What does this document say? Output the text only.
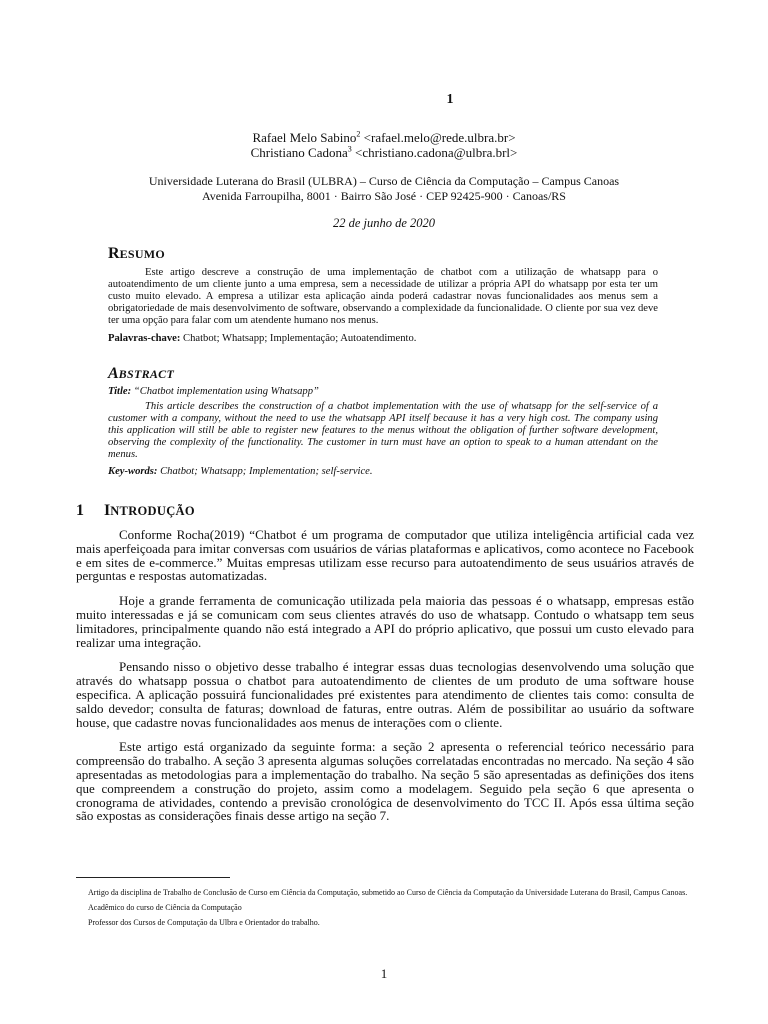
1
Rafael Melo Sabino$^2$ <rafael.melo@rede.ulbra.br>
Christiano Cadona$^3$ <christiano.cadona@ulbra.brl>
Universidade Luterana do Brasil (ULBRA) – Curso de Ciência da Computação – Campus Canoas
Avenida Farroupilha, 8001 · Bairro São José · CEP 92425-900 · Canoas/RS
22 de junho de 2020

RESUMO

Este artigo descreve a construção de uma implementação de chatbot com a utilização de whatsapp para o autoatendimento de um cliente junto a uma empresa, sem a necessidade de utilizar a própria API do whatsapp por esta ter um custo muito elevado. A empresa a utilizar esta aplicação ainda poderá cadastrar novas funcionalidades aos menus sem a obrigatoriedade de mais desenvolvimento de software, observando a complexidade da funcionalidade. O cliente por sua vez deve ter uma opção para falar com um atendente humano nos menus.

Palavras-chave: Chatbot; Whatsapp; Implementação; Autoatendimento.

ABSTRACT

Title: “Chatbot implementation using Whatsapp”

This article describes the construction of a chatbot implementation with the use of whatsapp for the self-service of a customer with a company, without the need to use the whatsapp API itself because it has a very high cost. The company using this application will still be able to register new features to the menus without the obligation of further software development, observing the complexity of the functionality. The customer in turn must have an option to speak to a human attendant on the menus.

Key-words: Chatbot; Whatsapp; Implementation; self-service.

1 INTRODUÇÃO

Conforme Rocha(2019) “Chatbot é um programa de computador que utiliza inteligência artificial cada vez mais aperfeiçoada para imitar conversas com usuários de várias plataformas e aplicativos, como acontece no Facebook e em sites de e-commerce.” Muitas empresas utilizam esse recurso para autoatendimento de seus usuários através de perguntas e respostas automatizadas.

Hoje a grande ferramenta de comunicação utilizada pela maioria das pessoas é o whatsapp, empresas estão muito interessadas e já se comunicam com seus clientes através do uso de whatsapp. Contudo o whatsapp tem seus limitadores, principalmente quando não está integrado a API do próprio aplicativo, que possui um custo elevado para realizar uma integração.

Pensando nisso o objetivo desse trabalho é integrar essas duas tecnologias desenvolvendo uma solução que através do whatsapp possua o chatbot para autoatendimento de clientes de um produto de uma software house especifica. A aplicação possuirá funcionalidades pré existentes para atendimento de clientes tais como: consulta de saldo devedor; consulta de faturas; download de faturas, entre outras. Além de possibilitar ao usuário da software house, que cadastre novas funcionalidades aos menus de interações com o cliente.

Este artigo está organizado da seguinte forma: a seção 2 apresenta o referencial teórico necessário para compreensão do trabalho. A seção 3 apresenta algumas soluções correlatadas encontradas no mercado. Na seção 4 são apresentadas as metodologias para a implementação do trabalho. Na seção 5 são apresentadas as definições dos itens que compreendem a construção do projeto, assim como a modelagem. Seguido pela seção 6 que apresenta o cronograma de atividades, contendo a previsão cronológica de desenvolvimento do TCC II. Após essa última seção são expostas as considerações finais desse artigo na seção 7.

Artigo da disciplina de Trabalho de Conclusão de Curso em Ciência da Computação, submetido ao Curso de Ciência da Computação da Universidade Luterana do Brasil, Campus Canoas.

Acadêmico do curso de Ciência da Computação

Professor dos Cursos de Computação da Ulbra e Orientador do trabalho.

1
